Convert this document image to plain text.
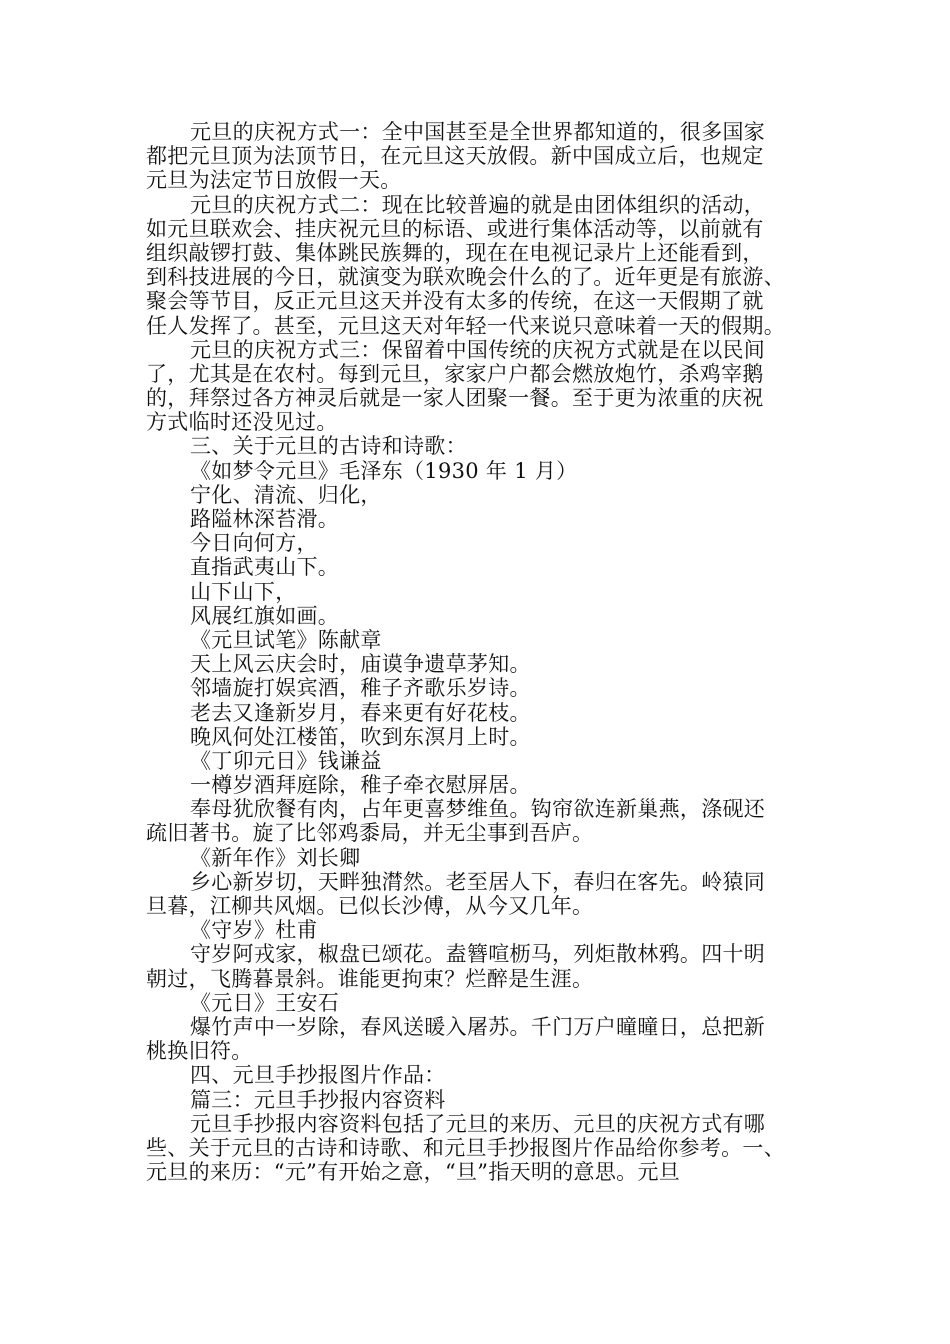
元旦的庆祝方式一：全中国甚至是全世界都知道的，很多国家
都把元旦顶为法顶节日，在元旦这天放假。新中国成立后，也规定
元旦为法定节日放假一天。
元旦的庆祝方式二：现在比较普遍的就是由团体组织的活动，
如元旦联欢会、挂庆祝元旦的标语、或进行集体活动等，以前就有
组织敲锣打鼓、集体跳民族舞的，现在在电视记录片上还能看到，
到科技进展的今日，就演变为联欢晚会什么的了。近年更是有旅游、
聚会等节目，反正元旦这天并没有太多的传统，在这一天假期了就
任人发挥了。甚至，元旦这天对年轻一代来说只意味着一天的假期。
元旦的庆祝方式三：保留着中国传统的庆祝方式就是在以民间
了，尤其是在农村。每到元旦，家家户户都会燃放炮竹，杀鸡宰鹅
的，拜祭过各方神灵后就是一家人团聚一餐。至于更为浓重的庆祝
方式临时还没见过。
三、关于元旦的古诗和诗歌：
《如梦令元旦》毛泽东（1930 年 1 月）
宁化、清流、归化，
路隘林深苔滑。
今日向何方，
直指武夷山下。
山下山下，
风展红旗如画。
《元旦试笔》陈献章
天上风云庆会时，庙谟争遗草茅知。
邻墙旋打娱宾酒，稚子齐歌乐岁诗。
老去又逢新岁月，春来更有好花枝。
晚风何处江楼笛，吹到东溟月上时。
《丁卯元日》钱谦益
一樽岁酒拜庭除，稚子牵衣慰屏居。
奉母犹欣餐有肉，占年更喜梦维鱼。钩帘欲连新巢燕，涤砚还
疏旧著书。旋了比邻鸡黍局，并无尘事到吾庐。
《新年作》刘长卿
乡心新岁切，天畔独潸然。老至居人下，春归在客先。岭猿同
旦暮，江柳共风烟。已似长沙傅，从今又几年。
《守岁》杜甫
守岁阿戎家，椒盘已颂花。盍簪喧枥马，列炬散林鸦。四十明
朝过，飞腾暮景斜。谁能更拘束？烂醉是生涯。
《元日》王安石
爆竹声中一岁除，春风送暖入屠苏。千门万户曈曈日，总把新
桃换旧符。
四、元旦手抄报图片作品：
篇三：元旦手抄报内容资料
元旦手抄报内容资料包括了元旦的来历、元旦的庆祝方式有哪
些、关于元旦的古诗和诗歌、和元旦手抄报图片作品给你参考。一、
元旦的来历：“元”有开始之意，“旦”指天明的意思。元旦
